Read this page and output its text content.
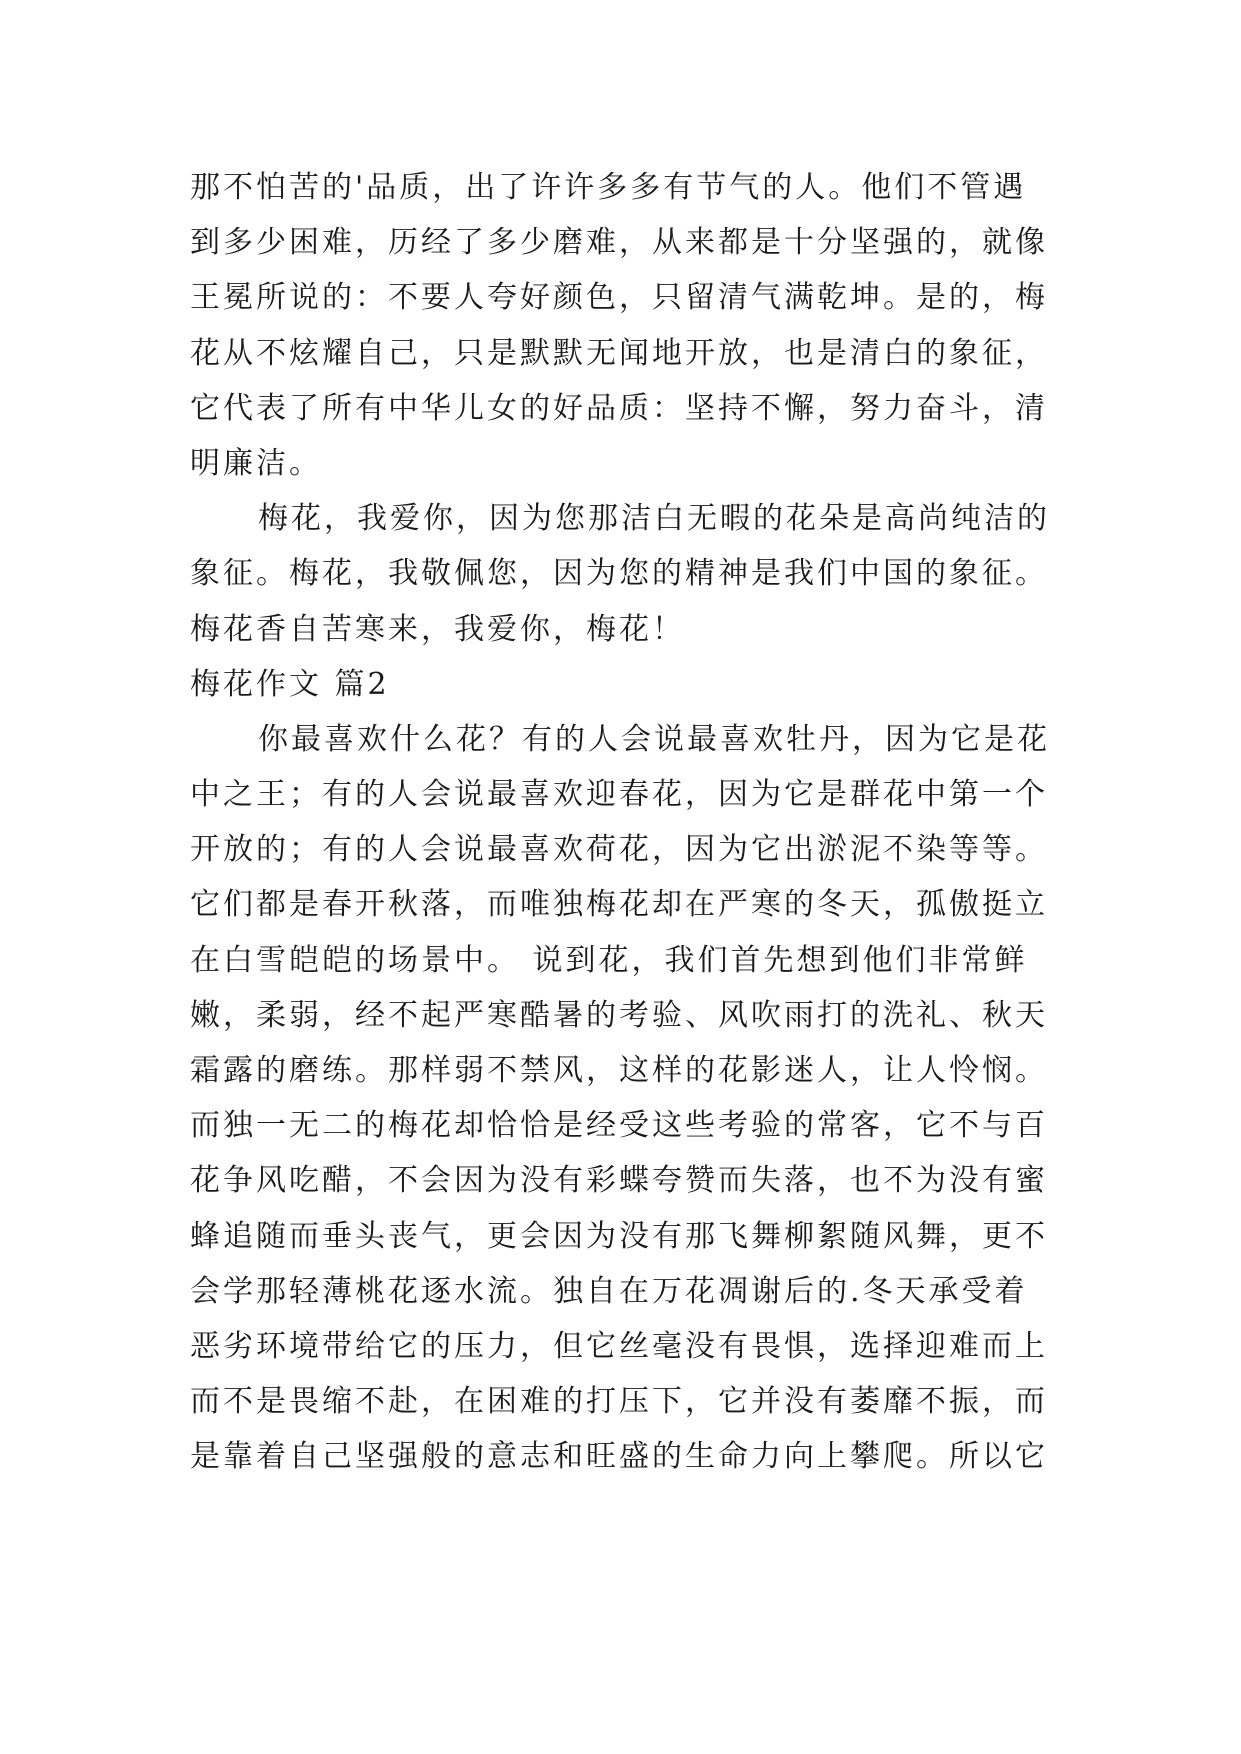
那不怕苦的'品质，出了许许多多有节气的人。他们不管遇
到多少困难，历经了多少磨难，从来都是十分坚强的，就像
王冕所说的：不要人夸好颜色，只留清气满乾坤。是的，梅
花从不炫耀自己，只是默默无闻地开放，也是清白的象征，
它代表了所有中华儿女的好品质：坚持不懈，努力奋斗，清
明廉洁。
梅花，我爱你，因为您那洁白无暇的花朵是高尚纯洁的
象征。梅花，我敬佩您，因为您的精神是我们中国的象征。
梅花香自苦寒来，我爱你，梅花！
梅花作文 篇2
你最喜欢什么花？有的人会说最喜欢牡丹，因为它是花
中之王；有的人会说最喜欢迎春花，因为它是群花中第一个
开放的；有的人会说最喜欢荷花，因为它出淤泥不染等等。
它们都是春开秋落，而唯独梅花却在严寒的冬天，孤傲挺立
在白雪皑皑的场景中。 说到花，我们首先想到他们非常鲜
嫩，柔弱，经不起严寒酷暑的考验、风吹雨打的洗礼、秋天
霜露的磨练。那样弱不禁风，这样的花影迷人，让人怜悯。
而独一无二的梅花却恰恰是经受这些考验的常客，它不与百
花争风吃醋，不会因为没有彩蝶夸赞而失落，也不为没有蜜
蜂追随而垂头丧气，更会因为没有那飞舞柳絮随风舞，更不
会学那轻薄桃花逐水流。独自在万花凋谢后的.冬天承受着
恶劣环境带给它的压力，但它丝毫没有畏惧，选择迎难而上
而不是畏缩不赴，在困难的打压下，它并没有萎靡不振，而
是靠着自己坚强般的意志和旺盛的生命力向上攀爬。所以它
